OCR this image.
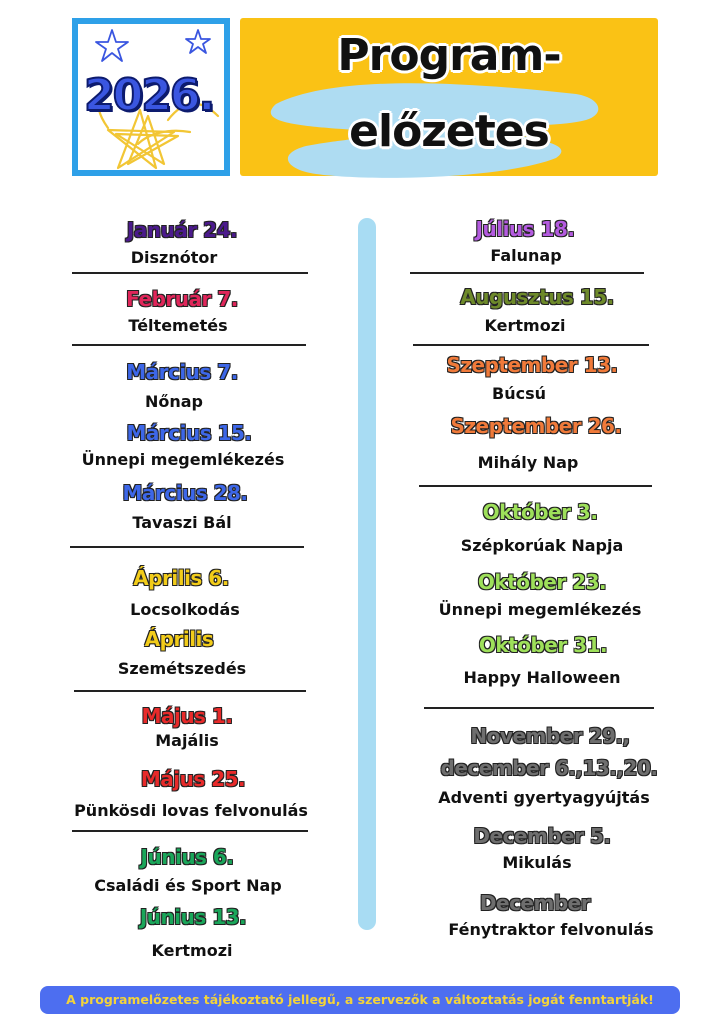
2026.
Program-
előzetes
Január 24.
Disznótor
Február 7.
Téltemetés
Március 7.
Nőnap
Március 15.
Ünnepi megemlékezés
Március 28.
Tavaszi Bál
Április 6.
Locsolkodás
Április
Szemétszedés
Május 1.
Majális
Május 25.
Pünkösdi lovas felvonulás
Június 6.
Családi és Sport Nap
Június 13.
Kertmozi
Július 18.
Falunap
Augusztus 15.
Kertmozi
Szeptember 13.
Búcsú
Szeptember 26.
Mihály Nap
Október 3.
Szépkorúak Napja
Október 23.
Ünnepi megemlékezés
Október 31.
Happy Halloween
November 29.,
december 6.,13.,20.
Adventi gyertyagyújtás
December 5.
Mikulás
December
Fénytraktor felvonulás
A programelőzetes tájékoztató jellegű, a szervezők a változtatás jogát fenntartják!
